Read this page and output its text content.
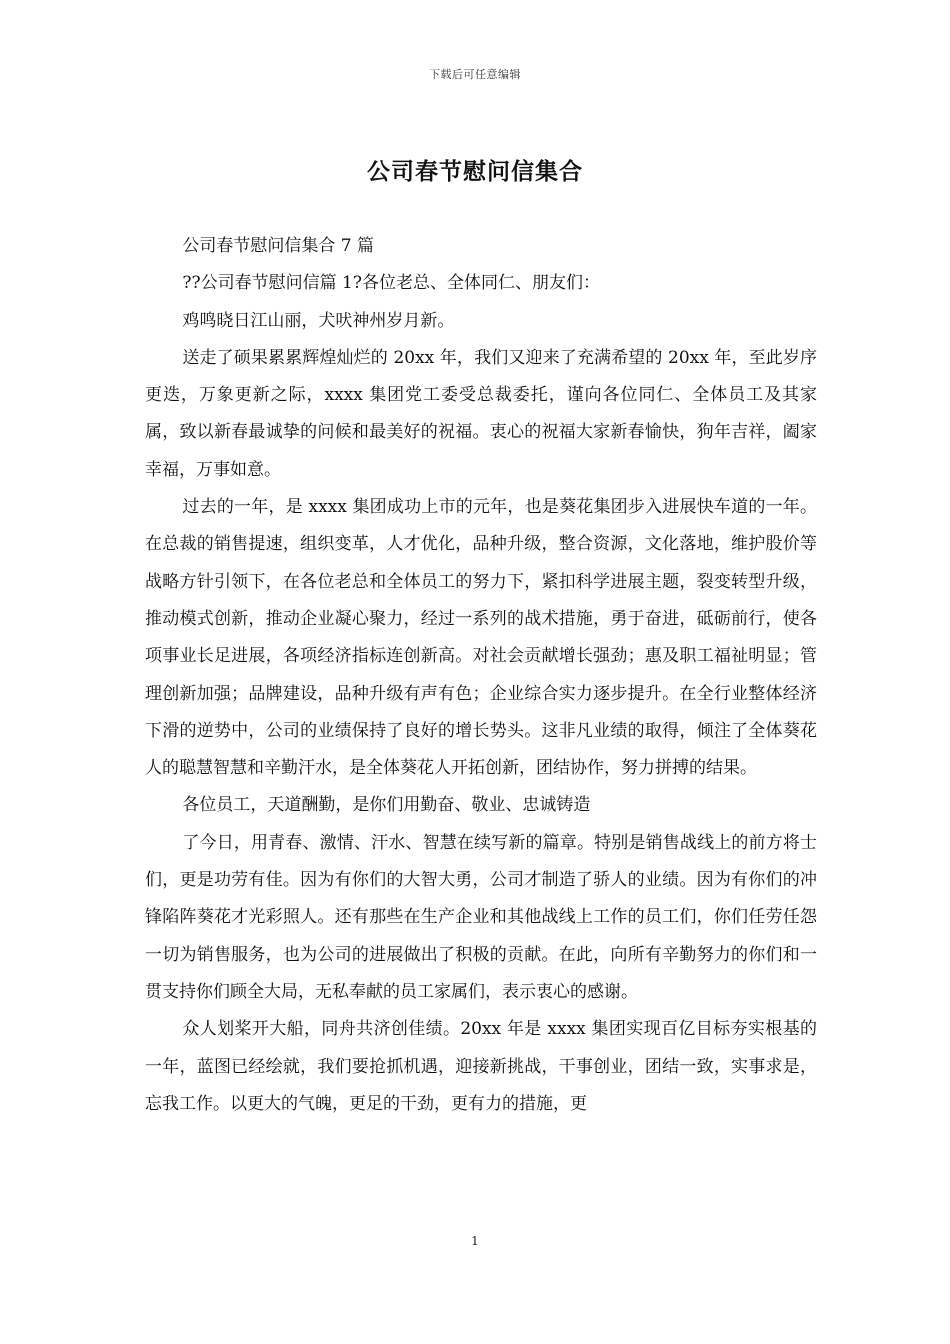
下载后可任意编辑
公司春节慰问信集合

公司春节慰问信集合 7 篇

??公司春节慰问信篇 1?各位老总、全体同仁、朋友们：

鸡鸣晓日江山丽，犬吠神州岁月新。

送走了硕果累累辉煌灿烂的 20xx 年，我们又迎来了充满希望的 20xx 年，至此岁序更迭，万象更新之际，xxxx 集团党工委受总裁委托，谨向各位同仁、全体员工及其家属，致以新春最诚挚的问候和最美好的祝福。衷心的祝福大家新春愉快，狗年吉祥，阖家幸福，万事如意。

过去的一年，是 xxxx 集团成功上市的元年，也是葵花集团步入进展快车道的一年。在总裁的销售提速，组织变革，人才优化，品种升级，整合资源，文化落地，维护股价等战略方针引领下，在各位老总和全体员工的努力下，紧扣科学进展主题，裂变转型升级，推动模式创新，推动企业凝心聚力，经过一系列的战术措施，勇于奋进，砥砺前行，使各项事业长足进展，各项经济指标连创新高。对社会贡献增长强劲；惠及职工福祉明显；管理创新加强；品牌建设，品种升级有声有色；企业综合实力逐步提升。在全行业整体经济下滑的逆势中，公司的业绩保持了良好的增长势头。这非凡业绩的取得，倾注了全体葵花人的聪慧智慧和辛勤汗水，是全体葵花人开拓创新，团结协作，努力拼搏的结果。

各位员工，天道酬勤，是你们用勤奋、敬业、忠诚铸造

了今日，用青春、激情、汗水、智慧在续写新的篇章。特别是销售战线上的前方将士们，更是功劳有佳。因为有你们的大智大勇，公司才制造了骄人的业绩。因为有你们的冲锋陷阵葵花才光彩照人。还有那些在生产企业和其他战线上工作的员工们，你们任劳任怨一切为销售服务，也为公司的进展做出了积极的贡献。在此，向所有辛勤努力的你们和一贯支持你们顾全大局，无私奉献的员工家属们，表示衷心的感谢。

众人划桨开大船，同舟共济创佳绩。20xx 年是 xxxx 集团实现百亿目标夯实根基的一年，蓝图已经绘就，我们要抢抓机遇，迎接新挑战，干事创业，团结一致，实事求是，忘我工作。以更大的气魄，更足的干劲，更有力的措施，更

1
